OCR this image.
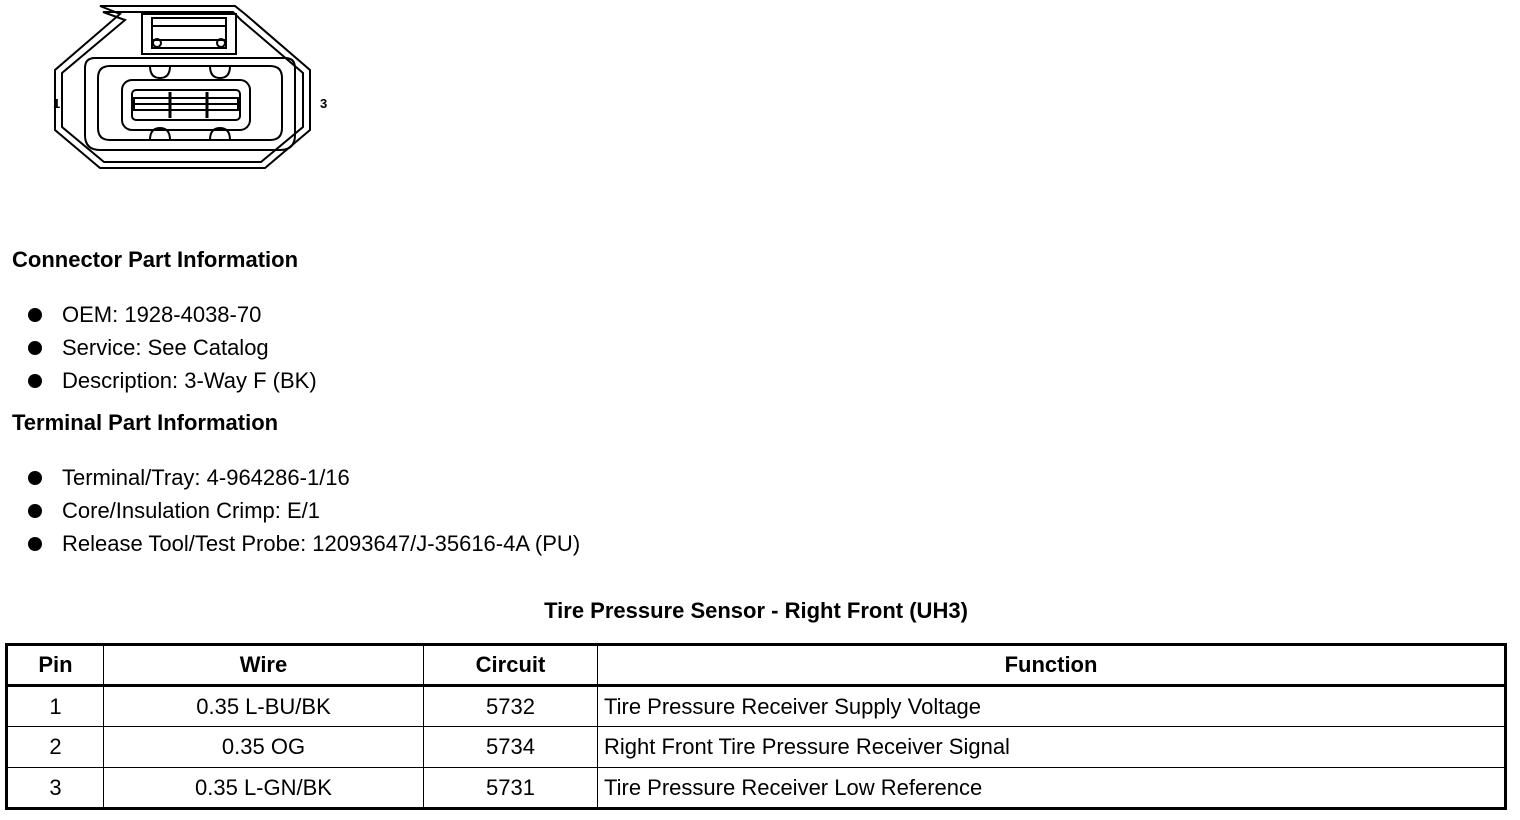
1	3
Connector Part Information
OEM: 1928-4038-70
Service: See Catalog
Description: 3-Way F (BK)
Terminal Part Information
Terminal/Tray: 4-964286-1/16
Core/Insulation Crimp: E/1
Release Tool/Test Probe: 12093647/J-35616-4A (PU)
Tire Pressure Sensor - Right Front (UH3)
Pin	Wire	Circuit	Function
1	0.35 L-BU/BK	5732	Tire Pressure Receiver Supply Voltage
2	0.35 OG	5734	Right Front Tire Pressure Receiver Signal
3	0.35 L-GN/BK	5731	Tire Pressure Receiver Low Reference
